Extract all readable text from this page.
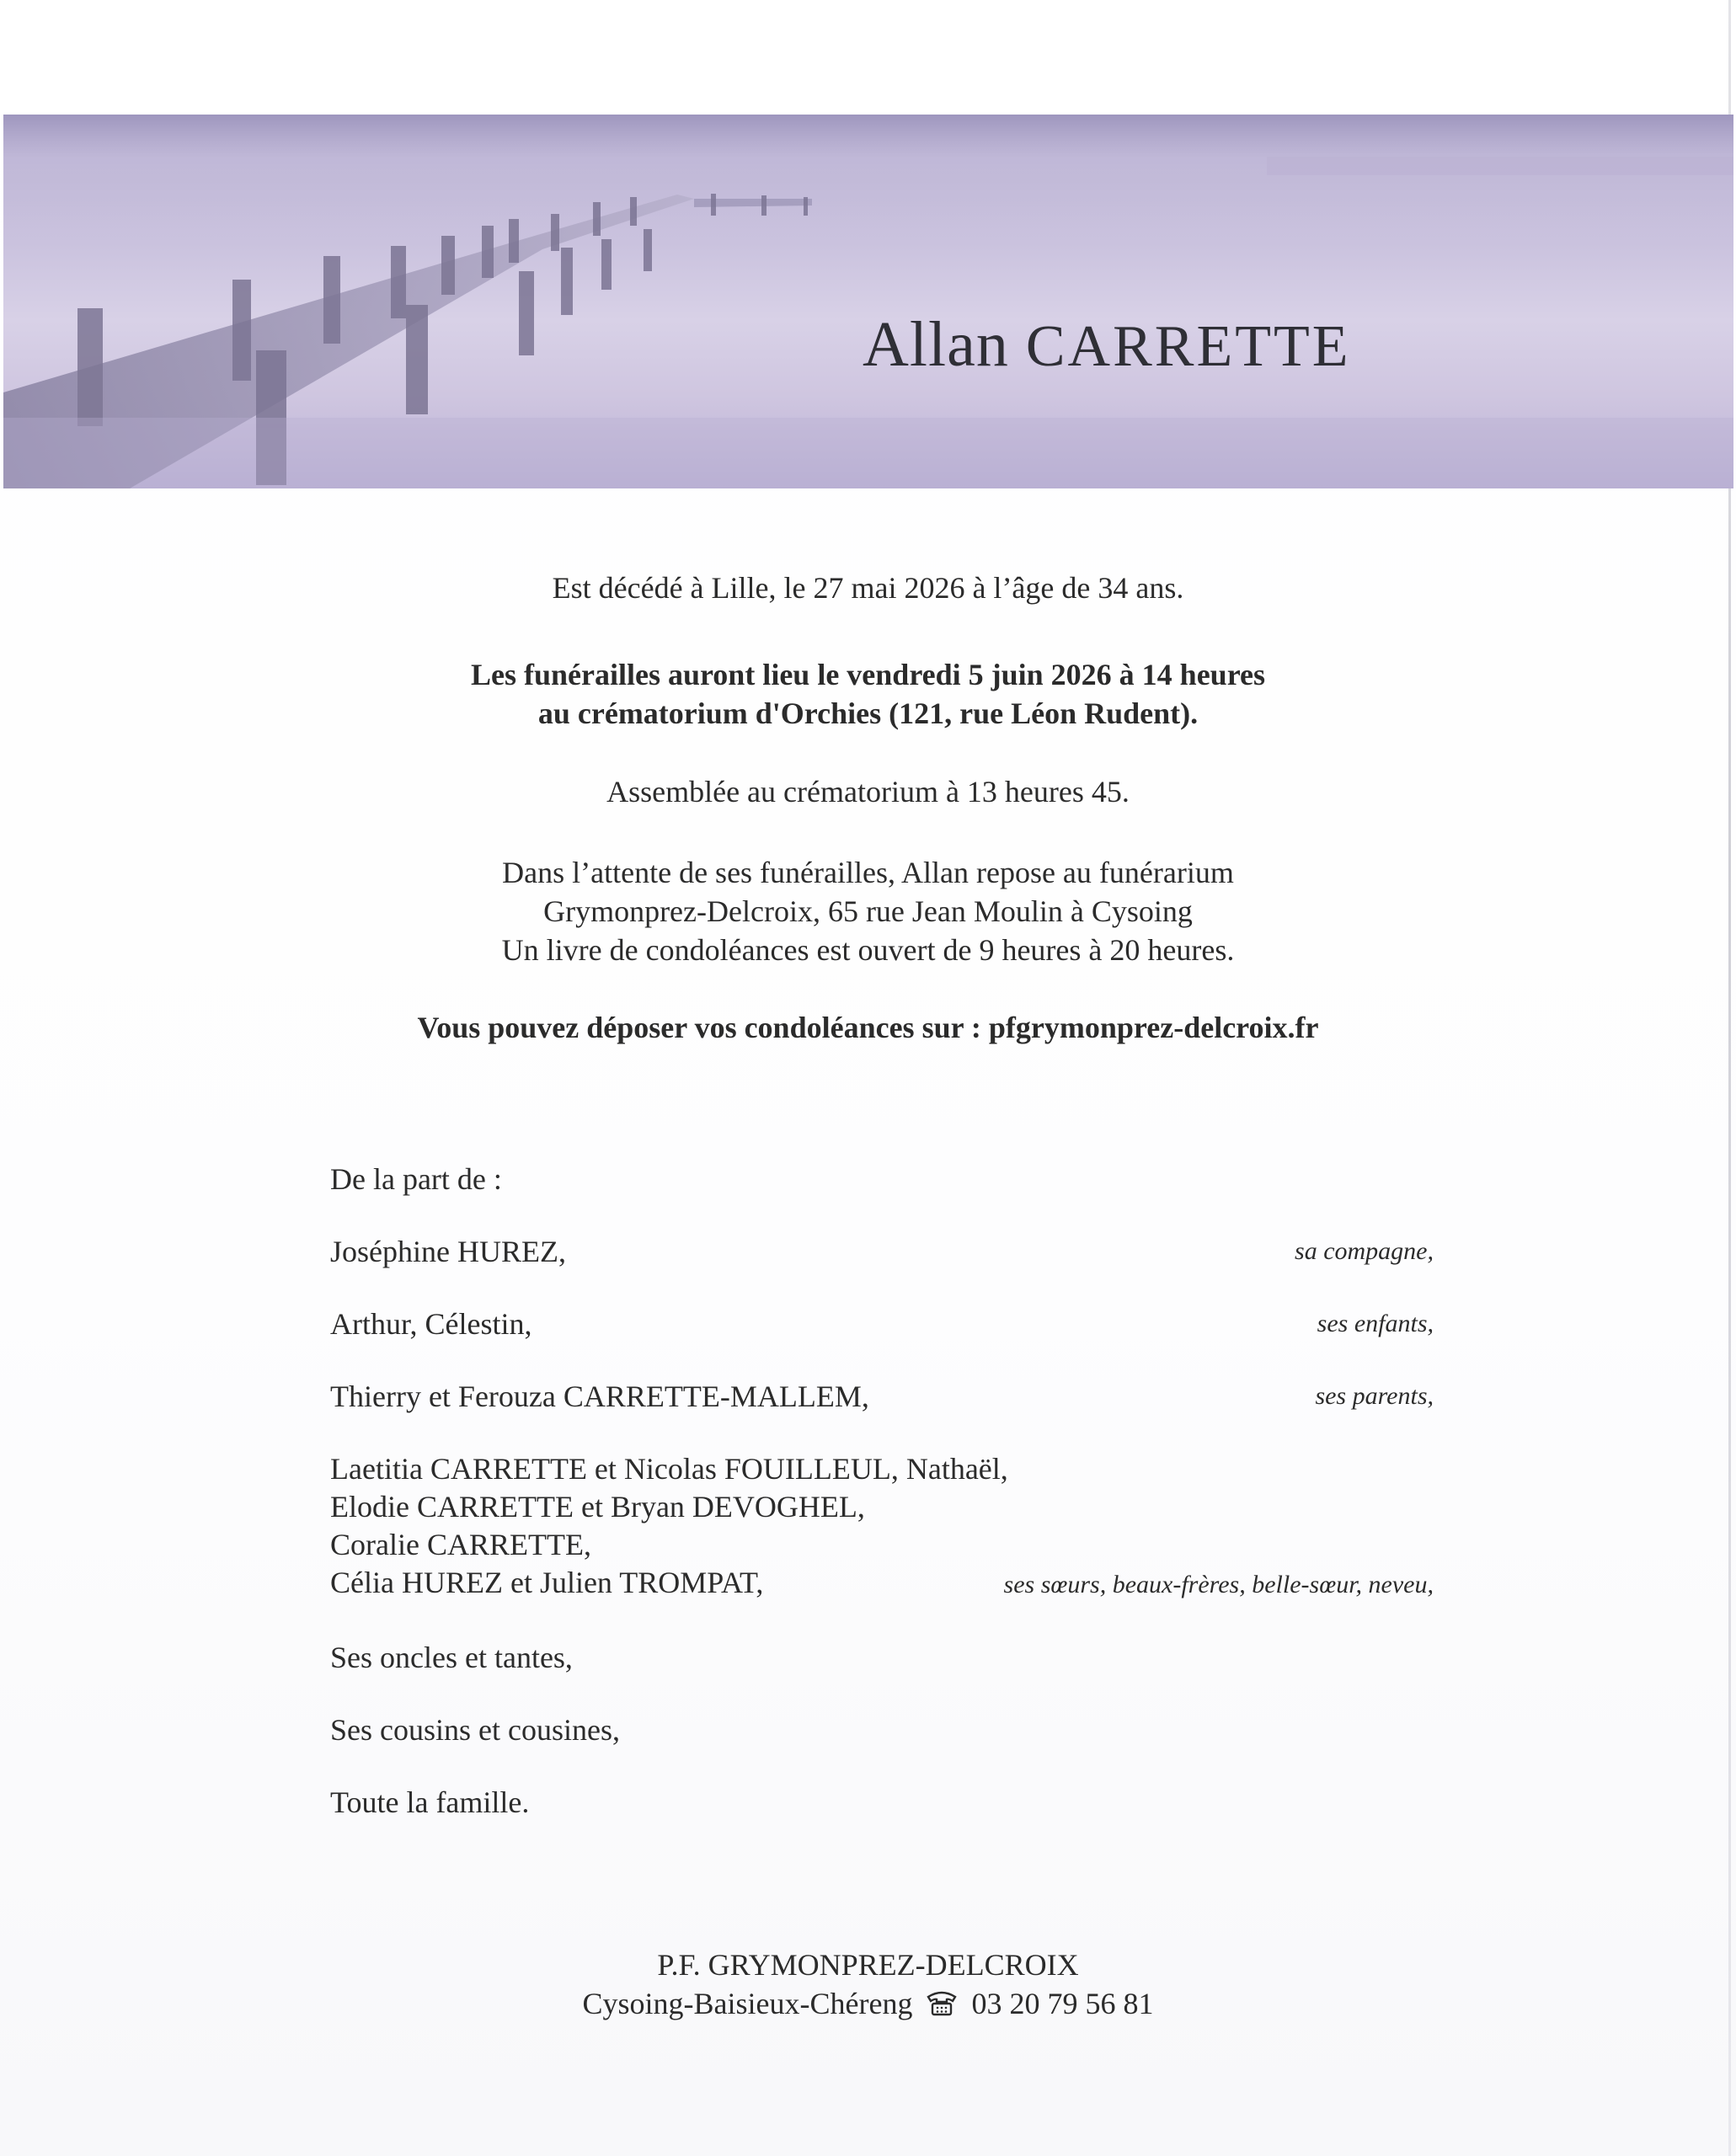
Allan CARRETTE
Est décédé à Lille, le 27 mai 2026 à l’âge de 34 ans.
Les funérailles auront lieu le vendredi 5 juin 2026 à 14 heures
au crématorium d'Orchies (121, rue Léon Rudent).
Assemblée au crématorium à 13 heures 45.
Dans l’attente de ses funérailles, Allan repose au funérarium
Grymonprez-Delcroix, 65 rue Jean Moulin à Cysoing
Un livre de condoléances est ouvert de 9 heures à 20 heures.
Vous pouvez déposer vos condoléances sur : pfgrymonprez-delcroix.fr
De la part de :
Joséphine HUREZ,	sa compagne,
Arthur, Célestin,	ses enfants,
Thierry et Ferouza CARRETTE-MALLEM,	ses parents,
Laetitia CARRETTE et Nicolas FOUILLEUL, Nathaël,
Elodie CARRETTE et Bryan DEVOGHEL,
Coralie CARRETTE,
Célia HUREZ et Julien TROMPAT,	ses sœurs, beaux-frères, belle-sœur, neveu,
Ses oncles et tantes,
Ses cousins et cousines,
Toute la famille.
P.F. GRYMONPREZ-DELCROIX
Cysoing-Baisieux-Chéreng 03 20 79 56 81
